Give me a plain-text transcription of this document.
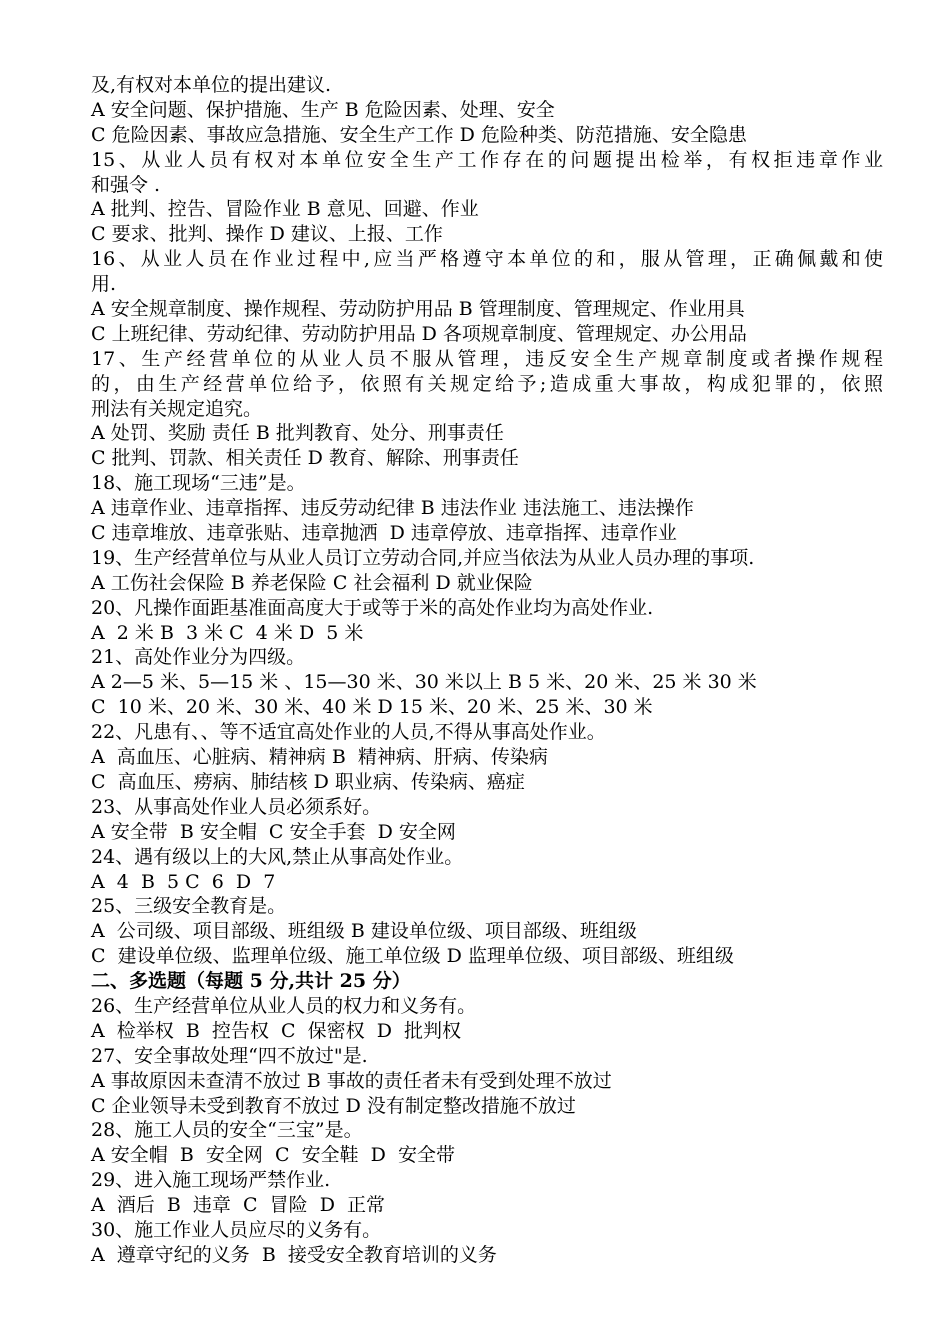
及,有权对本单位的提出建议.
A 安全问题、保护措施、生产 B 危险因素、处理、安全
C 危险因素、事故应急措施、安全生产工作 D 危险种类、防范措施、安全隐患
15、从业人员有权对本单位安全生产工作存在的问题提出检举，有权拒违章作业
和强令 .
A 批判、控告、冒险作业 B 意见、回避、作业
C 要求、批判、操作 D 建议、上报、工作
16、从业人员在作业过程中,应当严格遵守本单位的和，服从管理，正确佩戴和使
用.
A 安全规章制度、操作规程、劳动防护用品 B 管理制度、管理规定、作业用具
C 上班纪律、劳动纪律、劳动防护用品 D 各项规章制度、管理规定、办公用品
17、生产经营单位的从业人员不服从管理，违反安全生产规章制度或者操作规程
的，由生产经营单位给予，依照有关规定给予;造成重大事故，构成犯罪的，依照
刑法有关规定追究。
A 处罚、奖励 责任 B 批判教育、处分、刑事责任
C 批判、罚款、相关责任 D 教育、解除、刑事责任
18、施工现场“三违”是。
A 违章作业、违章指挥、违反劳动纪律 B 违法作业 违法施工、违法操作
C 违章堆放、违章张贴、违章抛洒  D 违章停放、违章指挥、违章作业
19、生产经营单位与从业人员订立劳动合同,并应当依法为从业人员办理的事项.
A 工伤社会保险 B 养老保险 C 社会福利 D 就业保险
20、凡操作面距基准面高度大于或等于米的高处作业均为高处作业.
A  2 米 B  3 米 C  4 米 D  5 米
21、高处作业分为四级。
A 2—5 米、5—15 米 、15—30 米、30 米以上 B 5 米、20 米、25 米 30 米
C  10 米、20 米、30 米、40 米 D 15 米、20 米、25 米、30 米
22、凡患有、、等不适宜高处作业的人员,不得从事高处作业。
A  高血压、心脏病、精神病 B  精神病、肝病、传染病
C  高血压、痨病、肺结核 D 职业病、传染病、癌症
23、从事高处作业人员必须系好。
A 安全带  B 安全帽  C 安全手套  D 安全网
24、遇有级以上的大风,禁止从事高处作业。
A  4  B  5 C  6  D  7
25、三级安全教育是。
A  公司级、项目部级、班组级 B 建设单位级、项目部级、班组级
C  建设单位级、监理单位级、施工单位级 D 监理单位级、项目部级、班组级
二、多选题（每题 5 分,共计 25 分）
26、生产经营单位从业人员的权力和义务有。
A  检举权  B  控告权  C  保密权  D  批判权
27、安全事故处理“四不放过"是.
A 事故原因未查清不放过 B 事故的责任者未有受到处理不放过
C 企业领导未受到教育不放过 D 没有制定整改措施不放过
28、施工人员的安全“三宝”是。
A 安全帽  B  安全网  C  安全鞋  D  安全带
29、进入施工现场严禁作业.
A  酒后  B  违章  C  冒险  D  正常
30、施工作业人员应尽的义务有。
A  遵章守纪的义务  B  接受安全教育培训的义务
